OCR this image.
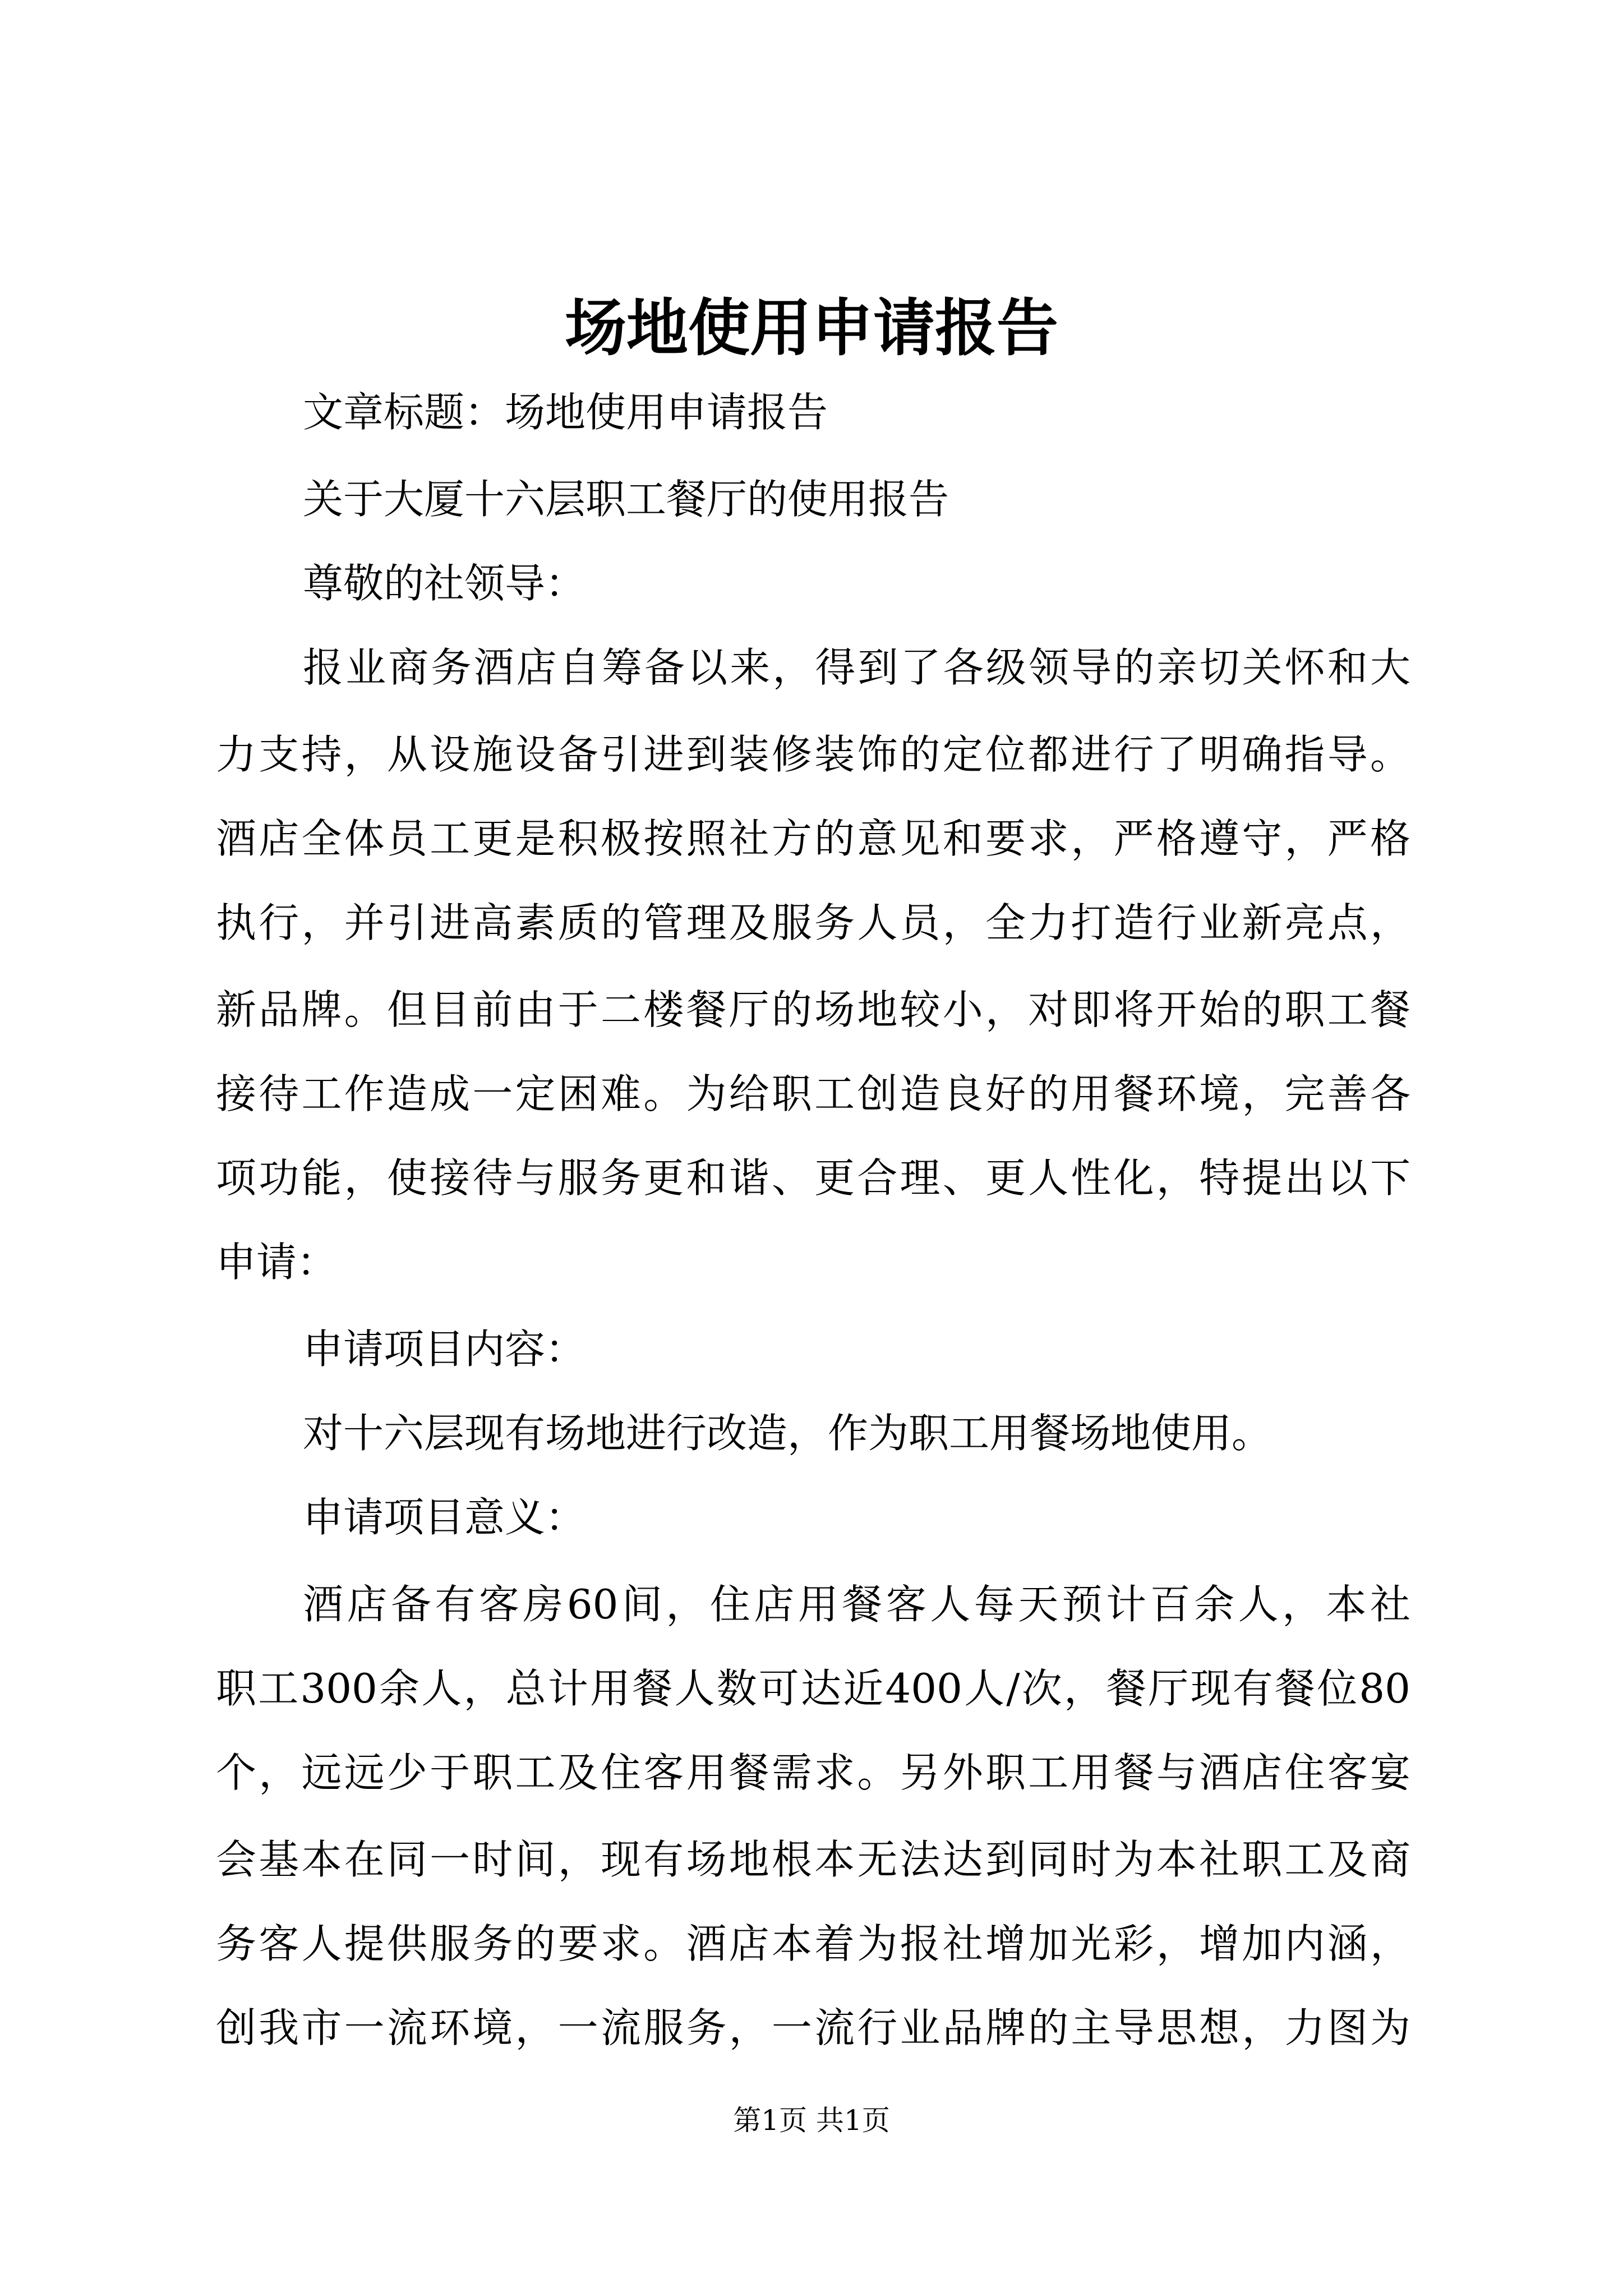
场地使用申请报告

文章标题：场地使用申请报告

关于大厦十六层职工餐厅的使用报告

尊敬的社领导：

报业商务酒店自筹备以来，得到了各级领导的亲切关怀和大

力支持，从设施设备引进到装修装饰的定位都进行了明确指导。

酒店全体员工更是积极按照社方的意见和要求，严格遵守，严格

执行，并引进高素质的管理及服务人员，全力打造行业新亮点，

新品牌。但目前由于二楼餐厅的场地较小，对即将开始的职工餐

接待工作造成一定困难。为给职工创造良好的用餐环境，完善各

项功能，使接待与服务更和谐、更合理、更人性化，特提出以下

申请：

申请项目内容：

对十六层现有场地进行改造，作为职工用餐场地使用。

申请项目意义：

酒店备有客房60间，住店用餐客人每天预计百余人，本社

职工300余人，总计用餐人数可达近400人/次，餐厅现有餐位80

个，远远少于职工及住客用餐需求。另外职工用餐与酒店住客宴

会基本在同一时间，现有场地根本无法达到同时为本社职工及商

务客人提供服务的要求。酒店本着为报社增加光彩，增加内涵，

创我市一流环境，一流服务，一流行业品牌的主导思想，力图为

第1页 共1页
